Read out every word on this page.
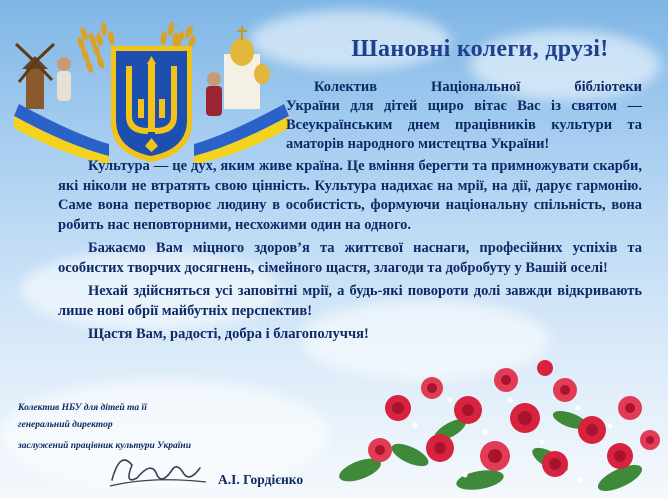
Шановні колеги, друзі!
Колектив Національної бібліотеки
України для дітей щиро вітає Вас із святом — Всеукраїнським днем працівників культури та аматорів народного мистецтва України!

Культура — це дух, яким живе країна. Це вміння берегти та примножувати скарби, які ніколи не втратять свою цінність. Культура надихає на мрії, на дії, дарує гармонію. Саме вона перетворює людину в особистість, формуючи національну спільність, вона робить нас неповторними, несхожими один на одного.

Бажаємо Вам міцного здоров’я та життєвої наснаги, професійних успіхів та особистих творчих досягнень, сімейного щастя, злагоди та добробуту у Вашій оселі!

Нехай здійсняться усі заповітні мрії, а будь-які повороти долі завжди відкривають лише нові обрії майбутніх перспектив!

Щастя Вам, радості, добра і благополуччя!

Колектив НБУ для дітей та її
генеральний директор
заслужений працівник культури України
А.І. Гордієнко
